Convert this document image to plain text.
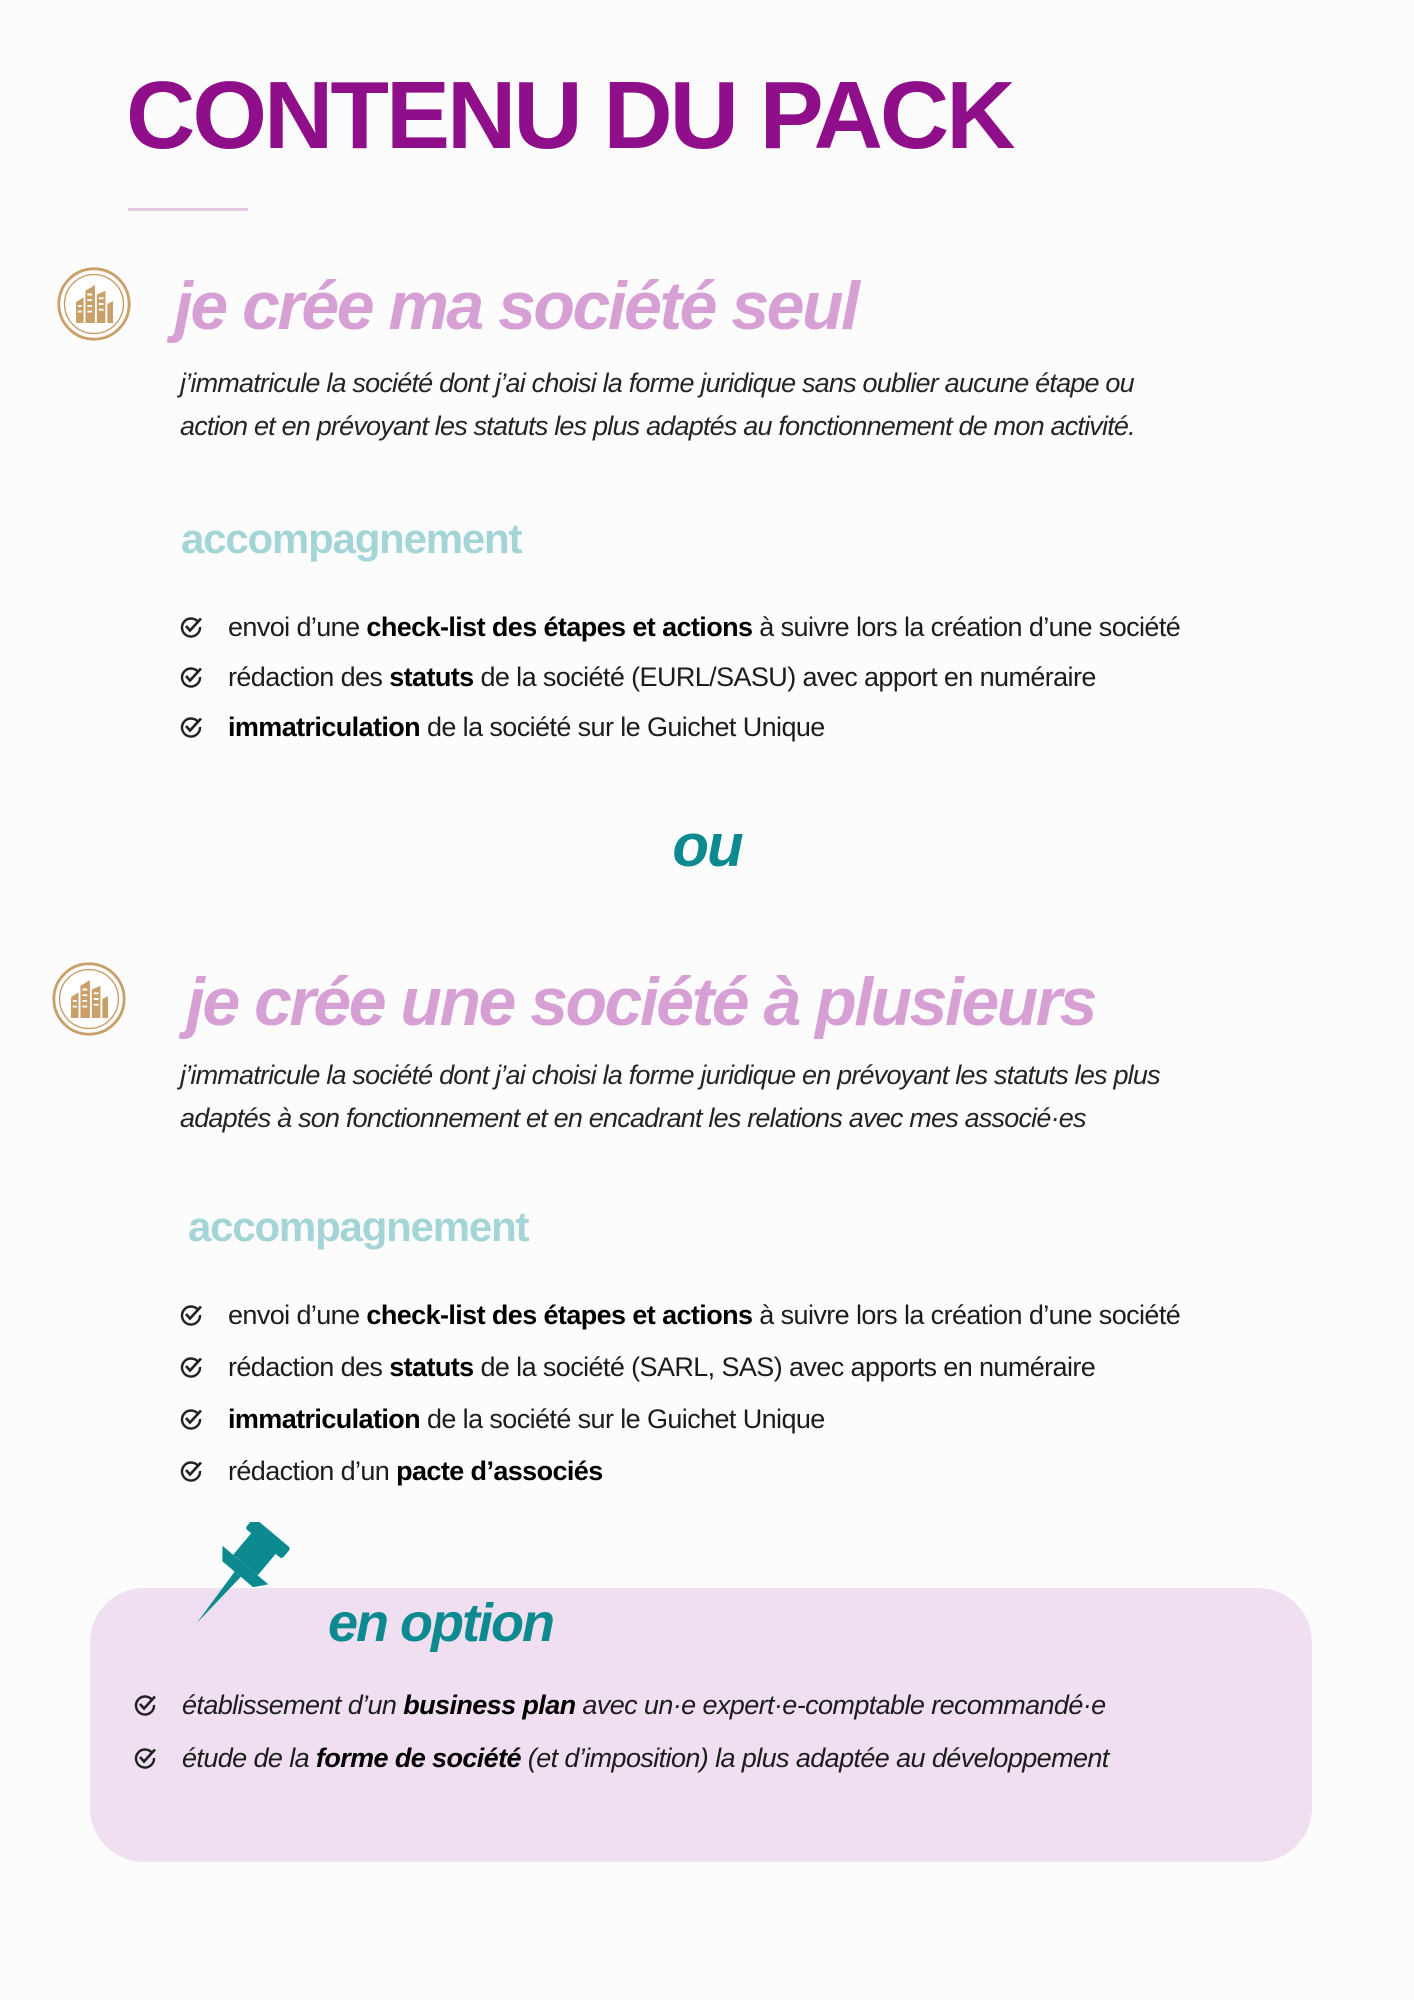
CONTENU DU PACK
je crée ma société seul

j’immatricule la société dont j’ai choisi la forme juridique sans oublier aucune étape ou
action et en prévoyant les statuts les plus adaptés au fonctionnement de mon activité.

accompagnement
envoi d’une check-list des étapes et actions à suivre lors la création d’une société
rédaction des statuts de la société (EURL/SASU) avec apport en numéraire
immatriculation de la société sur le Guichet Unique

ou

je crée une société à plusieurs

j’immatricule la société dont j’ai choisi la forme juridique en prévoyant les statuts les plus
adaptés à son fonctionnement et en encadrant les relations avec mes associé·es

accompagnement
envoi d’une check-list des étapes et actions à suivre lors la création d’une société
rédaction des statuts de la société (SARL, SAS) avec apports en numéraire
immatriculation de la société sur le Guichet Unique
rédaction d’un pacte d’associés
en option
établissement d’un business plan avec un·e expert·e-comptable recommandé·e
étude de la forme de société (et d’imposition) la plus adaptée au développement
